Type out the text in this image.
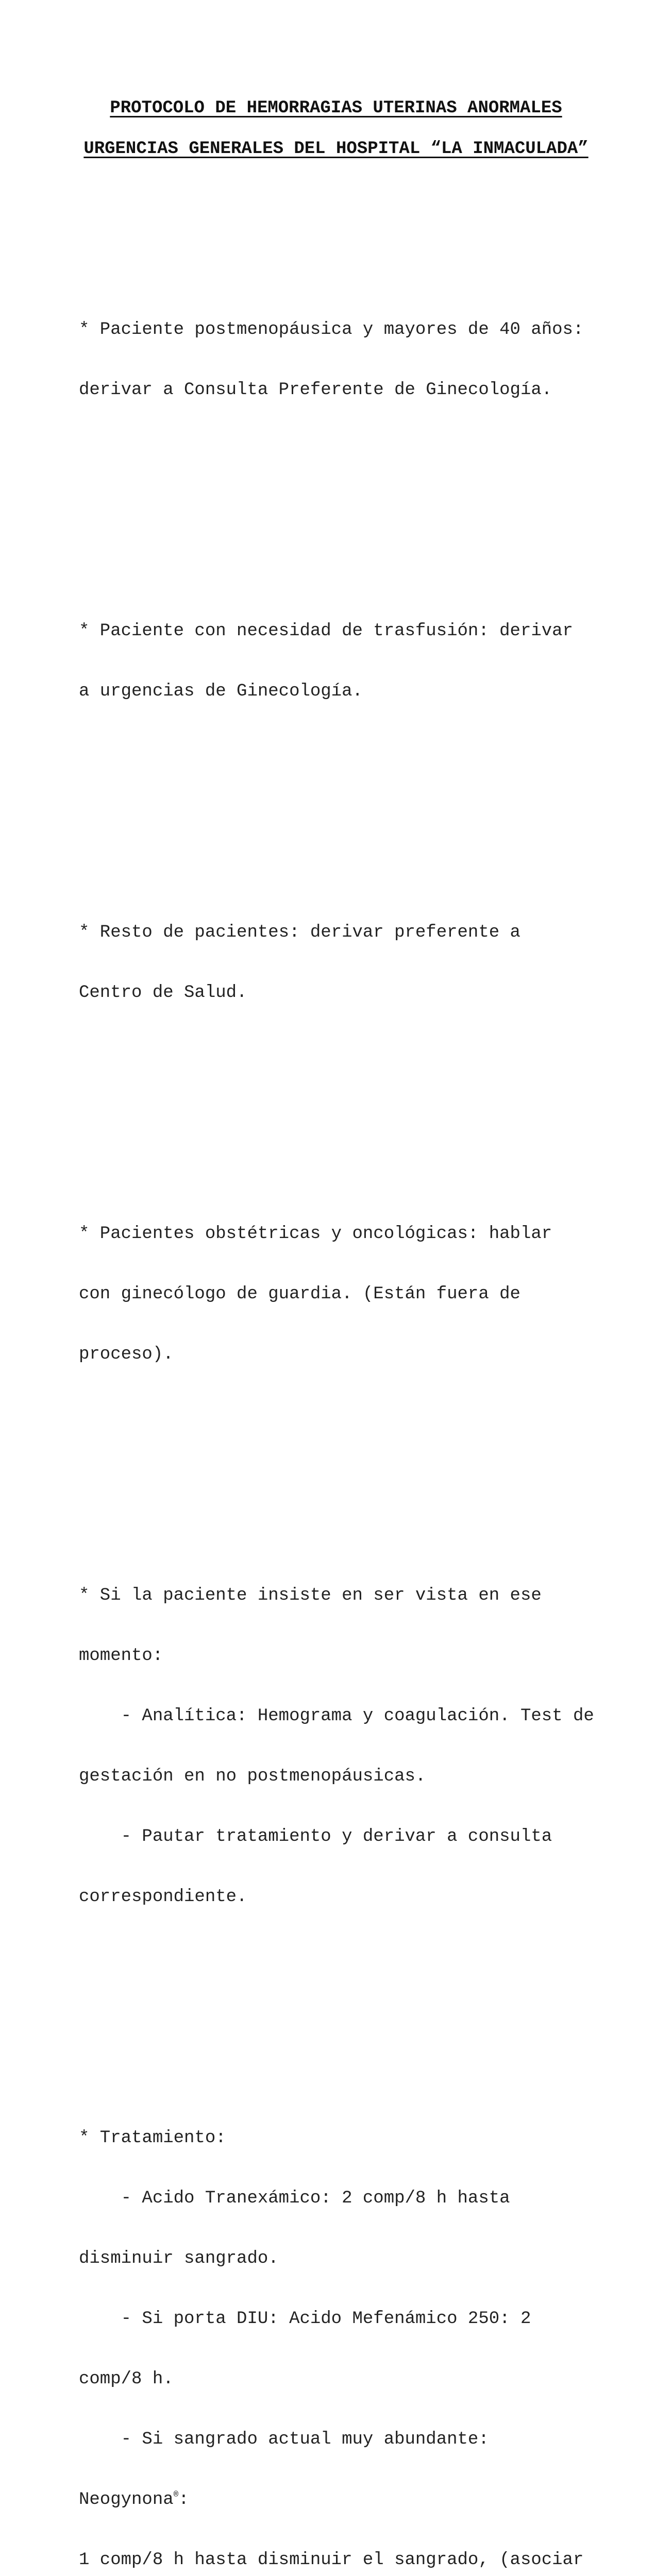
PROTOCOLO DE HEMORRAGIAS UTERINAS ANORMALES
URGENCIAS GENERALES DEL HOSPITAL “LA INMACULADA”

* Paciente postmenopáusica y mayores de 40 años:

derivar a Consulta Preferente de Ginecología.

* Paciente con necesidad de trasfusión: derivar

a urgencias de Ginecología.

* Resto de pacientes: derivar preferente a

Centro de Salud.

* Pacientes obstétricas y oncológicas: hablar

con ginecólogo de guardia. (Están fuera de

proceso).

* Si la paciente insiste en ser vista en ese

momento:

- Analítica: Hemograma y coagulación. Test de

gestación en no postmenopáusicas.

- Pautar tratamiento y derivar a consulta

correspondiente.

* Tratamiento:

- Acido Tranexámico: 2 comp/8 h hasta

disminuir sangrado.

- Si porta DIU: Acido Mefenámico 250: 2

comp/8 h.

- Si sangrado actual muy abundante:

Neogynona®:

1 comp/8 h hasta disminuir el sangrado, (asociar
